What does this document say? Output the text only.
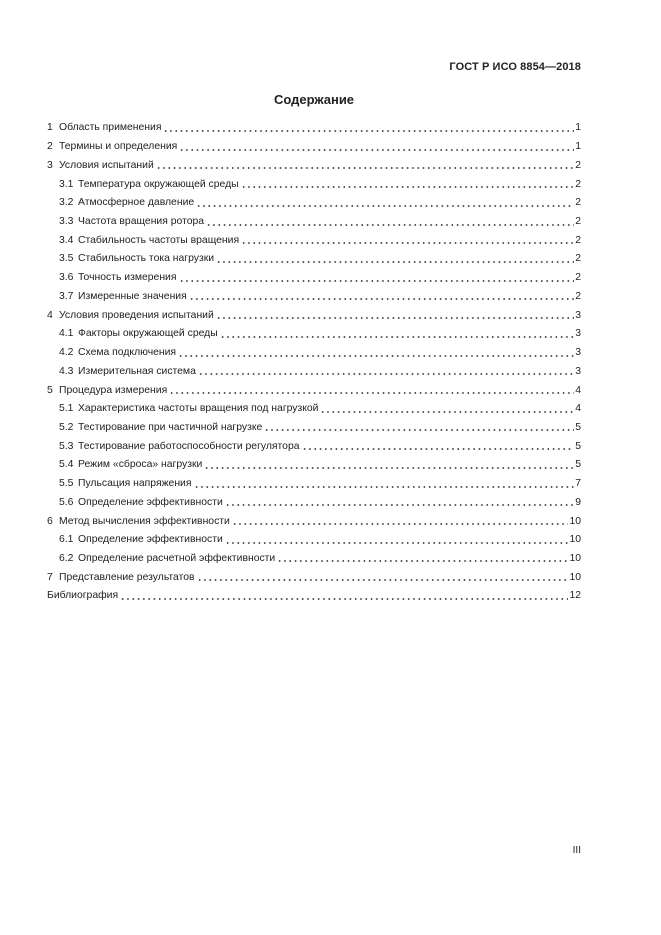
ГОСТ Р ИСО 8854—2018
Содержание
1 Область применения	1
2 Термины и определения	1
3 Условия испытаний	2
3.1 Температура окружающей среды	2
3.2 Атмосферное давление	2
3.3 Частота вращения ротора	2
3.4 Стабильность частоты вращения	2
3.5 Стабильность тока нагрузки	2
3.6 Точность измерения	2
3.7 Измеренные значения	2
4 Условия проведения испытаний	3
4.1 Факторы окружающей среды	3
4.2 Схема подключения	3
4.3 Измерительная система	3
5 Процедура измерения	4
5.1 Характеристика частоты вращения под нагрузкой	4
5.2 Тестирование при частичной нагрузке	5
5.3 Тестирование работоспособности регулятора	5
5.4 Режим «сброса» нагрузки	5
5.5 Пульсация напряжения	7
5.6 Определение эффективности	9
6 Метод вычисления эффективности	10
6.1 Определение эффективности	10
6.2 Определение расчетной эффективности	10
7 Представление результатов	10
Библиография	12
III
